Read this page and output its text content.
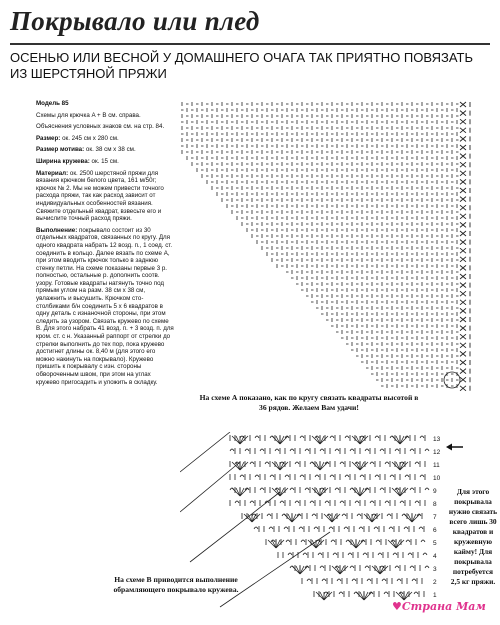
Покрывало или плед
ОСЕНЬЮ ИЛИ ВЕСНОЙ У ДОМАШНЕГО ОЧАГА ТАК ПРИЯТНО ПОВЯЗАТЬ ИЗ ШЕРСТЯНОЙ ПРЯЖИ

Модель 85

Схемы для крючка A + B см. справа.

Объяснения условных знаков см. на стр. 84.

Размер: ок. 245 см х 280 см.

Размер мотива: ок. 38 см х 38 см.

Ширина кружева: ок. 15 см.

Материал: ок. 2500 шерстяной пряжи для вязания крючком белого цвета, 161 м/50г; крючок № 2. Мы не можем привести точного расхода пряжи, так как расход зависит от индивидуальных особенностей вязания. Свяжите отдельный квадрат, взвесьте его и вычислите точный расход пряжи.

Выполнение: покрывало состоит из 30 отдельных квадратов, связанных по кругу. Для одного квадрата набрать 12 возд. п., 1 соед. ст. соединить в кольцо. Далее вязать по схеме А, при этом вводить крючок только в заднюю стенку петли. На схеме показаны первые 3 р. полностью, остальные р. дополнить соотв. узору. Готовые квадраты натянуть точно под прямым углом на разм. 38 см х 38 см, увлажнить и высушить. Крючком сто-столбиками б/н соединить 5 x 6 квадратов в одну деталь с изнаночной стороны, при этом следить за узором. Связать кружево по схеме B. Для этого набрать 41 возд. п. + 3 возд. п. для кром. ст. с н. Указанный раппорт от стрелки до стрелки выполнить до тех пор, пока кружево достигнет длины ок. 8,40 м (для этого его можно накинуть на покрывало). Кружево пришить к покрывалу с изн. стороны обвороченным швом, при этом на углах кружево пригосадить и уложить в складку.

На схеме А показано, как по кругу связать квадраты высотой в 36 рядов. Желаем Вам удачи!
13
12
11
10
9
8
7
6
5
4
3
2
1
На схеме B приводится выполнение обрамляющего покрывало кружева.
Для этого покрывала нужно связать всего лишь 30 квадратов и кружевную кайму! Для покрывала потребуется 2,5 кг пряжи.
♥Страна Мам
